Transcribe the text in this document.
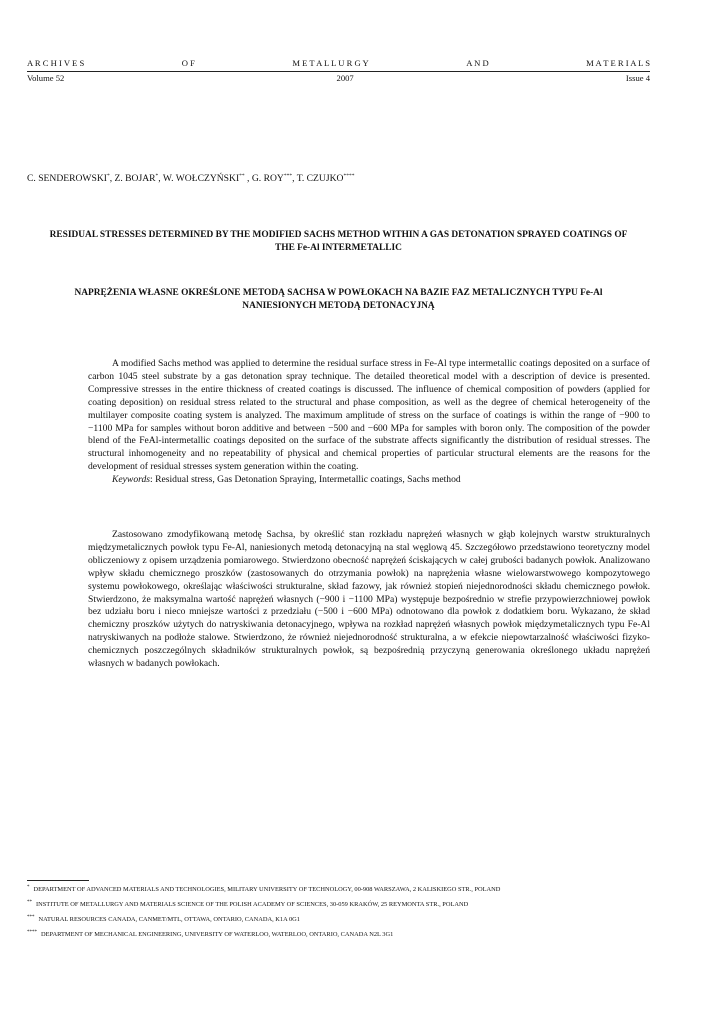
A R C H I V E S	O F	M E T A L L U R G Y	A N D	M A T E R I A L S
Volume 52	2007	Issue 4
C. SENDEROWSKI*, Z. BOJAR*, W. WOŁCZYŃSKI** , G. ROY***, T. CZUJKO****
RESIDUAL STRESSES DETERMINED BY THE MODIFIED SACHS METHOD WITHIN A GAS DETONATION SPRAYED COATINGS OF THE Fe-Al INTERMETALLIC
NAPRĘŻENIA WŁASNE OKREŚLONE METODĄ SACHSA W POWŁOKACH NA BAZIE FAZ METALICZNYCH TYPU Fe-Al NANIESIONYCH METODĄ DETONACYJNĄ

A modified Sachs method was applied to determine the residual surface stress in Fe-Al type intermetallic coatings deposited on a surface of carbon 1045 steel substrate by a gas detonation spray technique. The detailed theoretical model with a description of device is presented. Compressive stresses in the entire thickness of created coatings is discussed. The influence of chemical composition of powders (applied for coating deposition) on residual stress related to the structural and phase composition, as well as the degree of chemical heterogeneity of the multilayer composite coating system is analyzed. The maximum amplitude of stress on the surface of coatings is within the range of −900 to −1100 MPa for samples without boron additive and between −500 and −600 MPa for samples with boron only. The composition of the powder blend of the FeAl-intermetallic coatings deposited on the surface of the substrate affects significantly the distribution of residual stresses. The structural inhomogeneity and no repeatability of physical and chemical properties of particular structural elements are the reasons for the development of residual stresses system generation within the coating.

Keywords: Residual stress, Gas Detonation Spraying, Intermetallic coatings, Sachs method

Zastosowano zmodyfikowaną metodę Sachsa, by określić stan rozkładu naprężeń własnych w głąb kolejnych warstw strukturalnych międzymetalicznych powłok typu Fe-Al, naniesionych metodą detonacyjną na stal węglową 45. Szczegółowo przedstawiono teoretyczny model obliczeniowy z opisem urządzenia pomiarowego. Stwierdzono obecność naprężeń ściskających w całej grubości badanych powłok. Analizowano wpływ składu chemicznego proszków (zastosowanych do otrzymania powłok) na naprężenia własne wielowarstwowego kompozytowego systemu powłokowego, określając właściwości strukturalne, skład fazowy, jak również stopień niejednorodności składu chemicznego powłok. Stwierdzono, że maksymalna wartość naprężeń własnych (−900 i −1100 MPa) występuje bezpośrednio w strefie przypowierzchniowej powłok bez udziału boru i nieco mniejsze wartości z przedziału (−500 i −600 MPa) odnotowano dla powłok z dodatkiem boru. Wykazano, że skład chemiczny proszków użytych do natryskiwania detonacyjnego, wpływa na rozkład naprężeń własnych powłok międzymetalicznych typu Fe-Al natryskiwanych na podłoże stalowe. Stwierdzono, że również niejednorodność strukturalna, a w efekcie niepowtarzalność właściwości fizyko-chemicznych poszczególnych składników strukturalnych powłok, są bezpośrednią przyczyną generowania określonego układu naprężeń własnych w badanych powłokach.

* DEPARTMENT OF ADVANCED MATERIALS AND TECHNOLOGIES, MILITARY UNIVERSITY OF TECHNOLOGY, 00-908 WARSZAWA, 2 KALISKIEGO STR., POLAND
** INSTITUTE OF METALLURGY AND MATERIALS SCIENCE OF THE POLISH ACADEMY OF SCIENCES, 30-059 KRAKÓW, 25 REYMONTA STR., POLAND
*** NATURAL RESOURCES CANADA, CANMET/MTL, OTTAWA, ONTARIO, CANADA, K1A 0G1
**** DEPARTMENT OF MECHANICAL ENGINEERING, UNIVERSITY OF WATERLOO, WATERLOO, ONTARIO, CANADA N2L 3G1
